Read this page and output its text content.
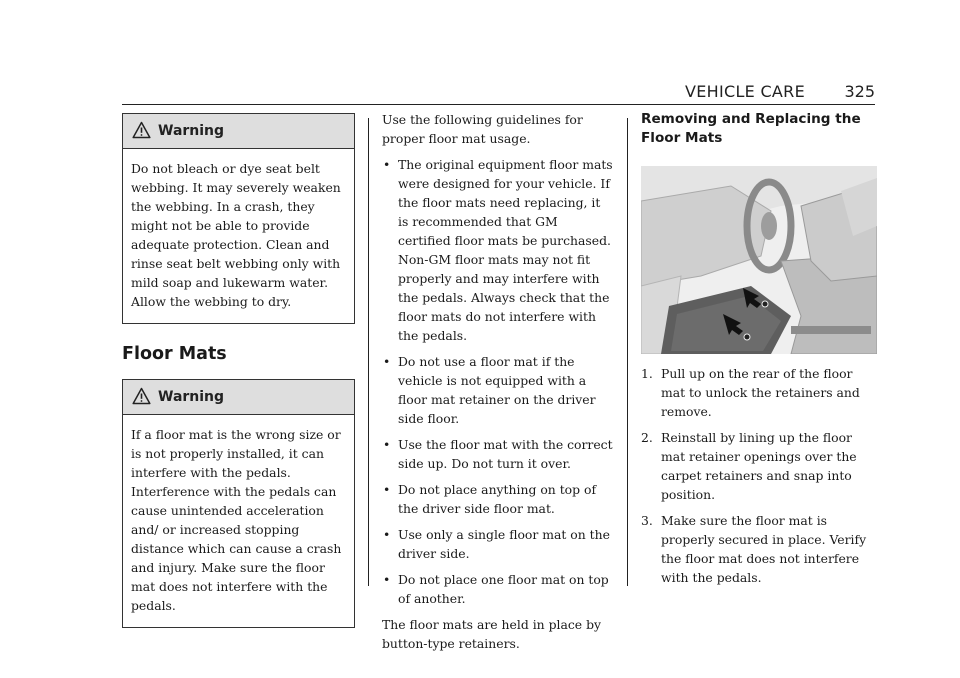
VEHICLE CARE 325
Warning

Do not bleach or dye seat belt webbing. It may severely weaken the webbing. In a crash, they might not be able to provide adequate protection. Clean and rinse seat belt webbing only with mild soap and lukewarm water. Allow the webbing to dry.

Floor Mats
Warning

If a floor mat is the wrong size or is not properly installed, it can interfere with the pedals. Interference with the pedals can cause unintended acceleration and/ or increased stopping distance which can cause a crash and injury. Make sure the floor mat does not interfere with the pedals.

Use the following guidelines for proper floor mat usage.

• The original equipment floor mats were designed for your vehicle. If the floor mats need replacing, it is recommended that GM certified floor mats be purchased. Non-GM floor mats may not fit properly and may interfere with the pedals. Always check that the floor mats do not interfere with the pedals.
• Do not use a floor mat if the vehicle is not equipped with a floor mat retainer on the driver side floor.
• Use the floor mat with the correct side up. Do not turn it over.
• Do not place anything on top of the driver side floor mat.
• Use only a single floor mat on the driver side.
• Do not place one floor mat on top of another.

The floor mats are held in place by button-type retainers.

Removing and Replacing the Floor Mats
1. Pull up on the rear of the floor mat to unlock the retainers and remove.
2. Reinstall by lining up the floor mat retainer openings over the carpet retainers and snap into position.
3. Make sure the floor mat is properly secured in place. Verify the floor mat does not interfere with the pedals.
